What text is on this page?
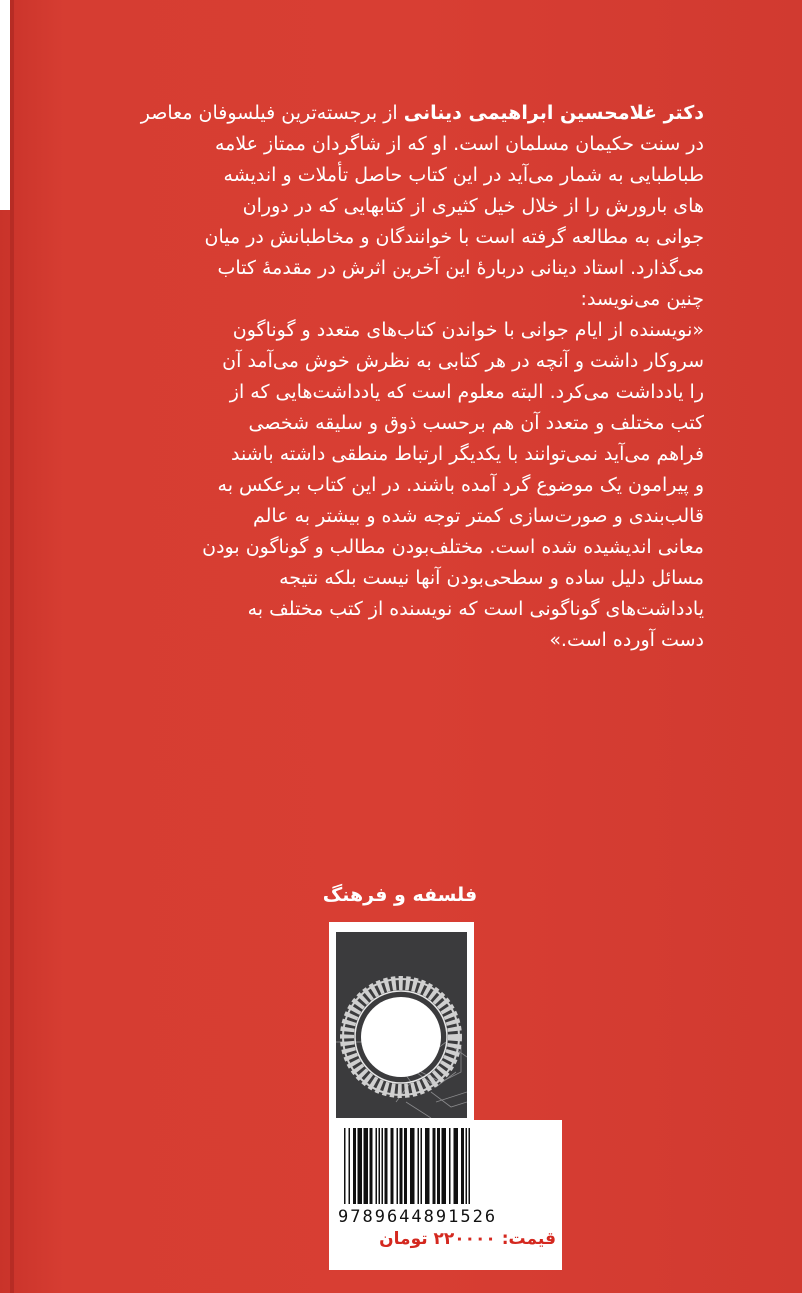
دکتر غلامحسین ابراهیمی دینانی از برجسته‌ترین فیلسوفان معاصر
در سنت حکیمان مسلمان است. او که از شاگردان ممتاز علامه
طباطبایی به شمار می‌آید در این کتاب حاصل تأملات و اندیشه
های بارورش را از خلال خیل کثیری از کتابهایی که در دوران
جوانی به مطالعه گرفته است با خوانندگان و مخاطبانش در میان
می‌گذارد. استاد دینانی دربارهٔ این آخرین اثرش در مقدمهٔ کتاب
چنین می‌نویسد:
«نویسنده از ایام جوانی با خواندن کتاب‌های متعدد و گوناگون
سروکار داشت و آنچه در هر کتابی به نظرش خوش می‌آمد آن
را یادداشت می‌کرد. البته معلوم است که یادداشت‌هایی که از
کتب مختلف و متعدد آن هم برحسب ذوق و سلیقه شخصی
فراهم می‌آید نمی‌توانند با یکدیگر ارتباط منطقی داشته باشند
و پیرامون یک موضوع گرد آمده باشند. در این کتاب برعکس به
قالب‌بندی و صورت‌سازی کمتر توجه شده و بیشتر به عالم
معانی اندیشیده شده است. مختلف‌بودن مطالب و گوناگون بودن
مسائل دلیل ساده و سطحی‌بودن آنها نیست بلکه نتیجه
یادداشت‌های گوناگونی است که نویسنده از کتب مختلف به
دست آورده است.»
فلسفه و فرهنگ
9789644891526
قیمت: ۲۲۰۰۰۰ تومان
